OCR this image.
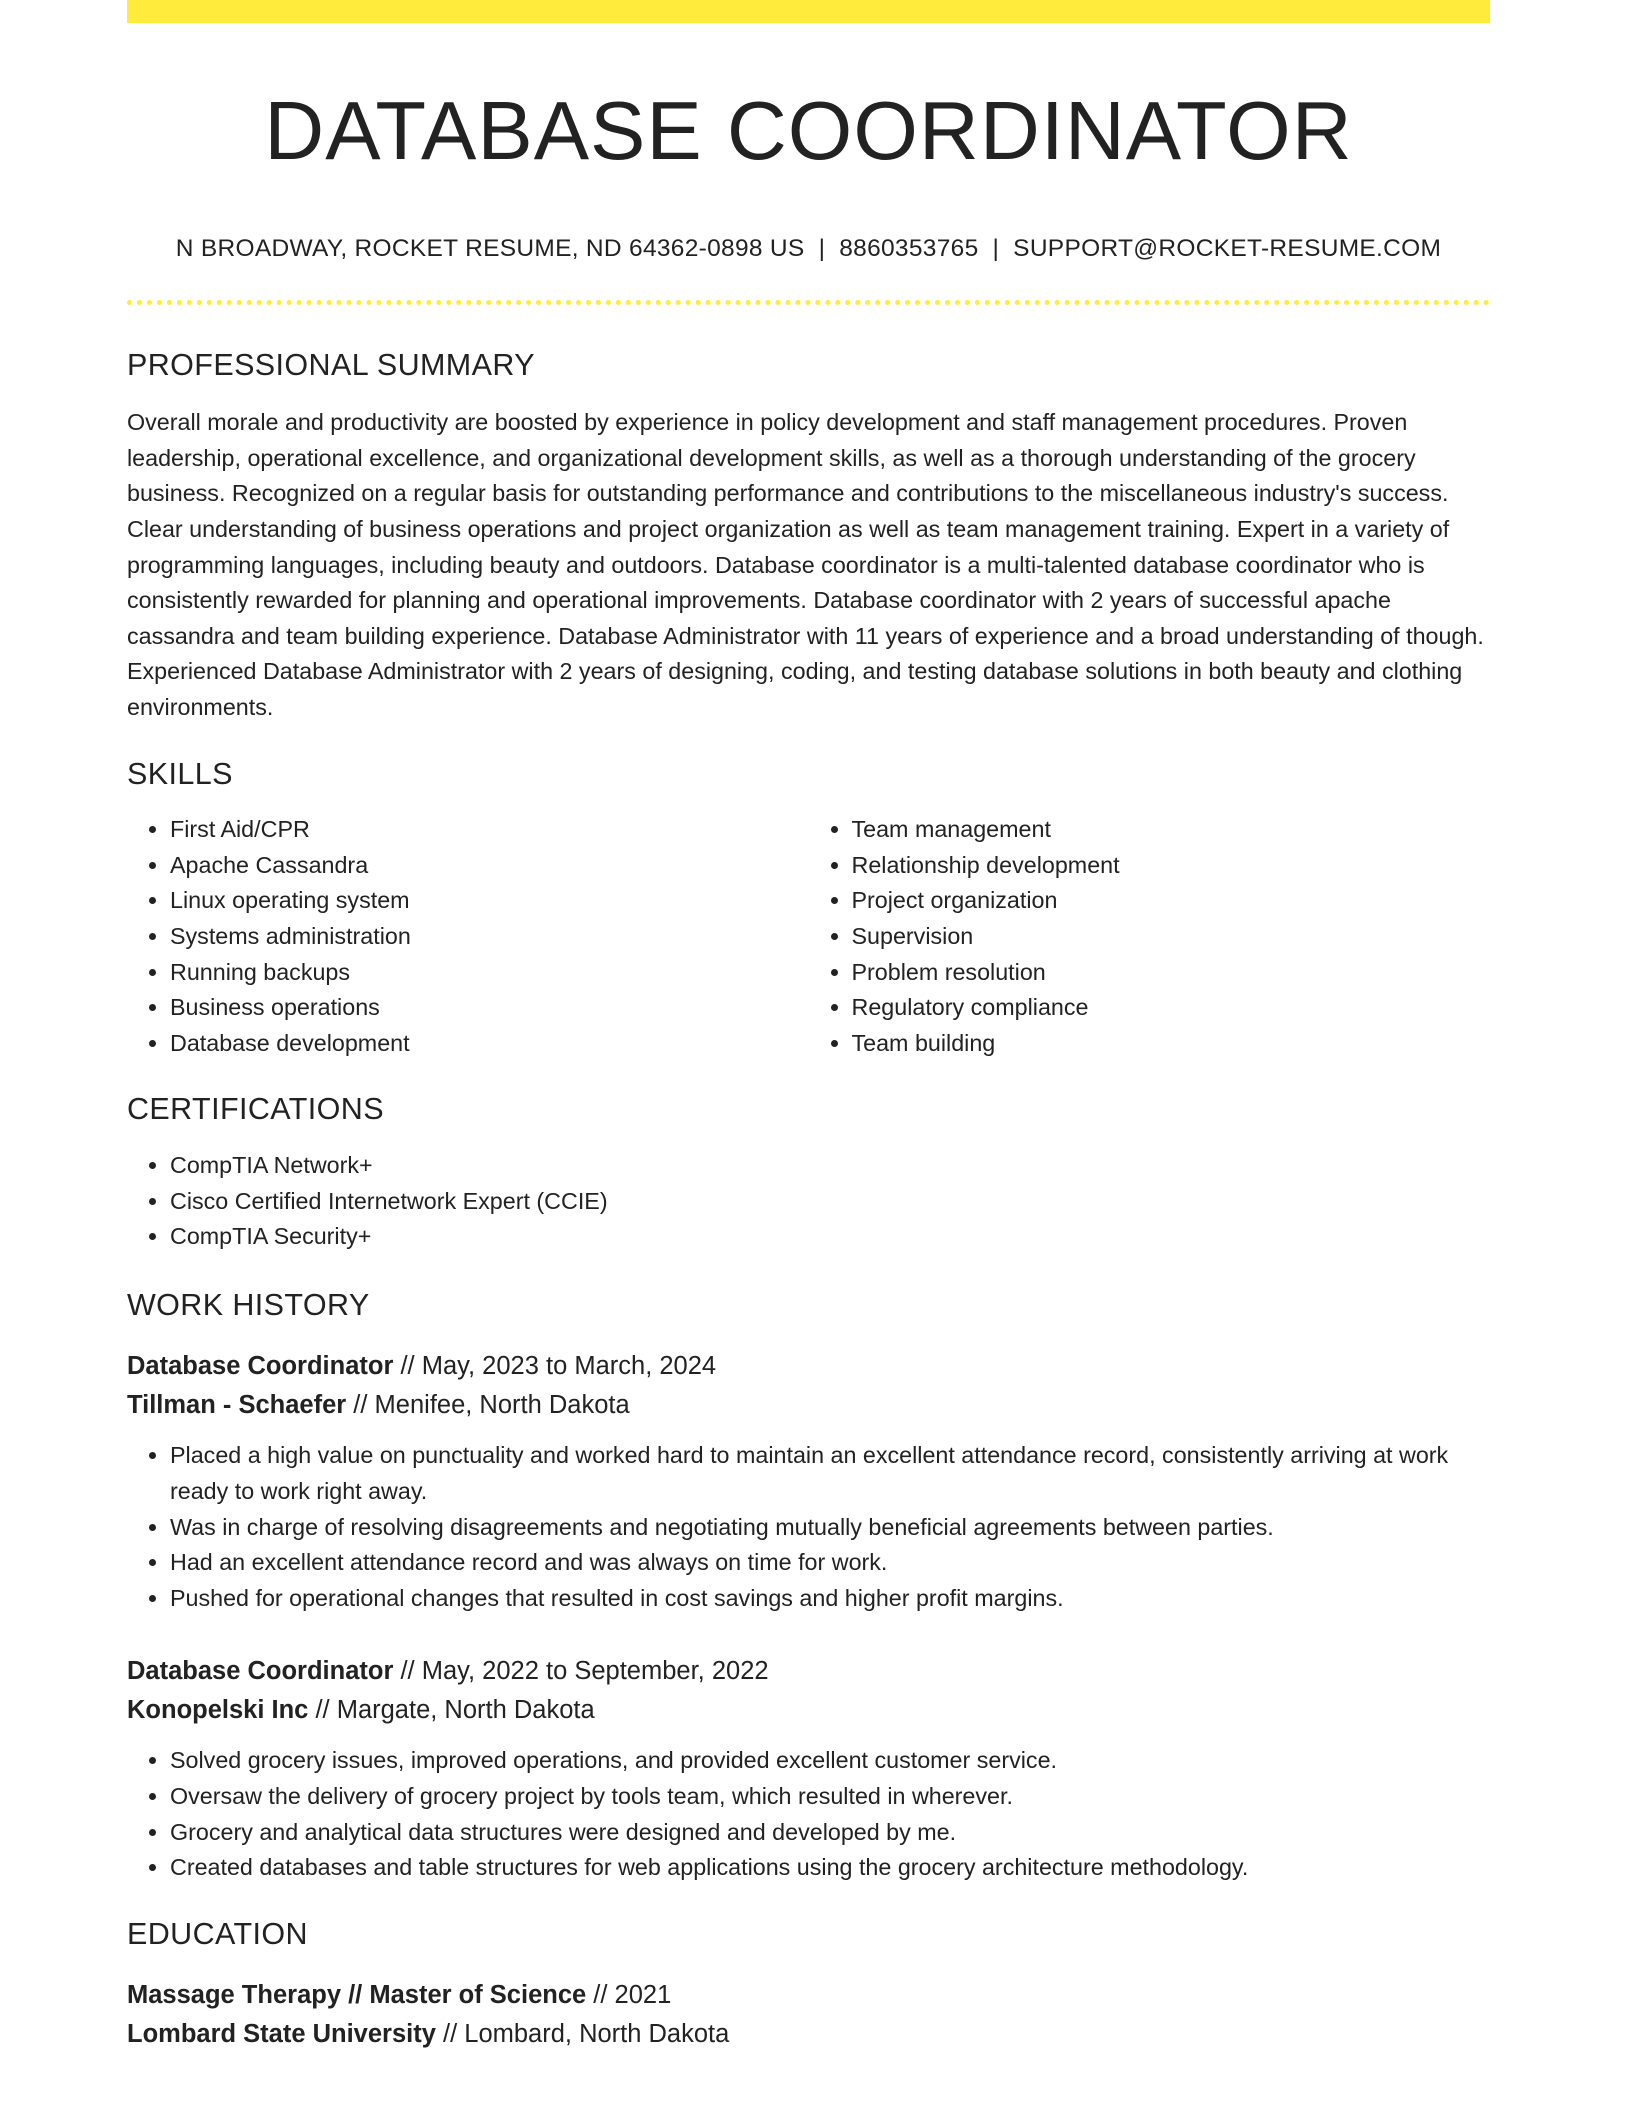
DATABASE COORDINATOR
N BROADWAY, ROCKET RESUME, ND 64362-0898 US | 8860353765 | SUPPORT@ROCKET-RESUME.COM
PROFESSIONAL SUMMARY
Overall morale and productivity are boosted by experience in policy development and staff management procedures. Proven leadership, operational excellence, and organizational development skills, as well as a thorough understanding of the grocery business. Recognized on a regular basis for outstanding performance and contributions to the miscellaneous industry's success. Clear understanding of business operations and project organization as well as team management training. Expert in a variety of programming languages, including beauty and outdoors. Database coordinator is a multi-talented database coordinator who is consistently rewarded for planning and operational improvements. Database coordinator with 2 years of successful apache cassandra and team building experience. Database Administrator with 11 years of experience and a broad understanding of though. Experienced Database Administrator with 2 years of designing, coding, and testing database solutions in both beauty and clothing environments.
SKILLS
• First Aid/CPR
• Apache Cassandra
• Linux operating system
• Systems administration
• Running backups
• Business operations
• Database development
• Team management
• Relationship development
• Project organization
• Supervision
• Problem resolution
• Regulatory compliance
• Team building
CERTIFICATIONS
• CompTIA Network+
• Cisco Certified Internetwork Expert (CCIE)
• CompTIA Security+
WORK HISTORY
Database Coordinator // May, 2023 to March, 2024
Tillman - Schaefer // Menifee, North Dakota
• Placed a high value on punctuality and worked hard to maintain an excellent attendance record, consistently arriving at work ready to work right away.
• Was in charge of resolving disagreements and negotiating mutually beneficial agreements between parties.
• Had an excellent attendance record and was always on time for work.
• Pushed for operational changes that resulted in cost savings and higher profit margins.
Database Coordinator // May, 2022 to September, 2022
Konopelski Inc // Margate, North Dakota
• Solved grocery issues, improved operations, and provided excellent customer service.
• Oversaw the delivery of grocery project by tools team, which resulted in wherever.
• Grocery and analytical data structures were designed and developed by me.
• Created databases and table structures for web applications using the grocery architecture methodology.
EDUCATION
Massage Therapy // Master of Science // 2021
Lombard State University // Lombard, North Dakota
